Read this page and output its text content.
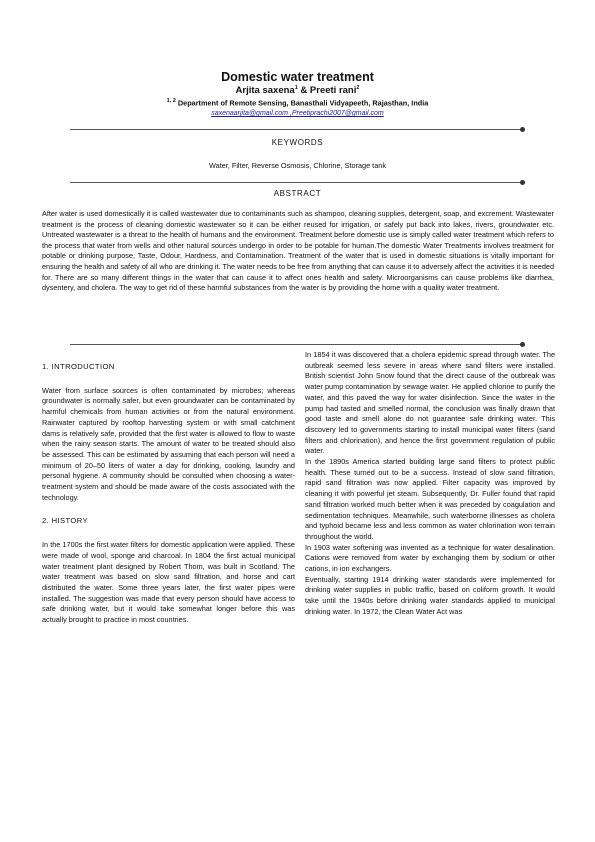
Domestic water treatment
Arjita saxena$^1$ & Preeti rani$^2$
$^{1, 2}$ Department of Remote Sensing, Banasthali Vidyapeeth, Rajasthan, India
saxenaarjita@gmail.com ,Preetiprachi2007@gmail.com
KEYWORDS
Water, Filter, Reverse Osmosis, Chlorine, Storage tank
ABSTRACT
After water is used domestically it is called wastewater due to contaminants such as shampoo, cleaning supplies, detergent, soap, and excrement. Wastewater treatment is the process of cleaning domestic wastewater so it can be either reused for irrigation, or safely put back into lakes, rivers, groundwater etc. Untreated wastewater is a threat to the health of humans and the environment. Treatment before domestic use is simply called water treatment which refers to the process that water from wells and other natural sources undergo in order to be potable for human.The domestic Water Treatments involves treatment for potable or drinking purpose, Taste, Odour, Hardness, and Contamination. Treatment of the water that is used in domestic situations is vitally important for ensuring the health and safety of all who are drinking it. The water needs to be free from anything that can cause it to adversely affect the activities it is needed for. There are so many different things in the water that can cause it to affect ones health and safety. Microorganisms can cause problems like diarrhea, dysentery, and cholera. The way to get rid of these harmful substances from the water is by providing the home with a quality water treatment.

1. INTRODUCTION

Water from surface sources is often contaminated by microbes; whereas groundwater is normally safer, but even groundwater can be contaminated by harmful chemicals from human activities or from the natural environment. Rainwater captured by rooftop harvesting system or with small catchment dams is relatively safe, provided that the first water is allowed to flow to waste when the rainy season starts. The amount of water to be treated should also be assessed. This can be estimated by assuming that each person will need a minimum of 20–50 liters of water a day for drinking, cooking, laundry and personal hygiene. A community should be consulted when choosing a water-treatment system and should be made aware of the costs associated with the technology.

2. HISTORY

In the 1700s the first water filters for domestic application were applied. These were made of wool, sponge and charcoal. In 1804 the first actual municipal water treatment plant designed by Robert Thom, was built in Scotland. The water treatment was based on slow sand filtration, and horse and cart distributed the water. Some three years later, the first water pipes were installed. The suggestion was made that every person should have access to safe drinking water, but it would take somewhat longer before this was actually brought to practice in most countries.

In 1854 it was discovered that a cholera epidemic spread through water. The outbreak seemed less severe in areas where sand filters were installed. British scientist John Snow found that the direct cause of the outbreak was water pump contamination by sewage water. He applied chlorine to purify the water, and this paved the way for water disinfection. Since the water in the pump had tasted and smelled normal, the conclusion was finally drawn that good taste and smell alone do not guarantee safe drinking water. This discovery led to governments starting to install municipal water filters (sand filters and chlorination), and hence the first government regulation of public water.

In the 1890s America started building large sand filters to protect public health. These turned out to be a success. Instead of slow sand filtration, rapid sand filtration was now applied. Filter capacity was improved by cleaning it with powerful jet steam. Subsequently, Dr. Fuller found that rapid sand filtration worked much better when it was preceded by coagulation and sedimentation techniques. Meanwhile, such waterborne illnesses as cholera and typhoid became less and less common as water chlorination won terrain throughout the world.

In 1903 water softening was invented as a technique for water desalination. Cations were removed from water by exchanging them by sodium or other cations, in ion exchangers.

Eventually, starting 1914 drinking water standards were implemented for drinking water supplies in public traffic, based on coliform growth. It would take until the 1940s before drinking water standards applied to municipal drinking water. In 1972, the Clean Water Act was
